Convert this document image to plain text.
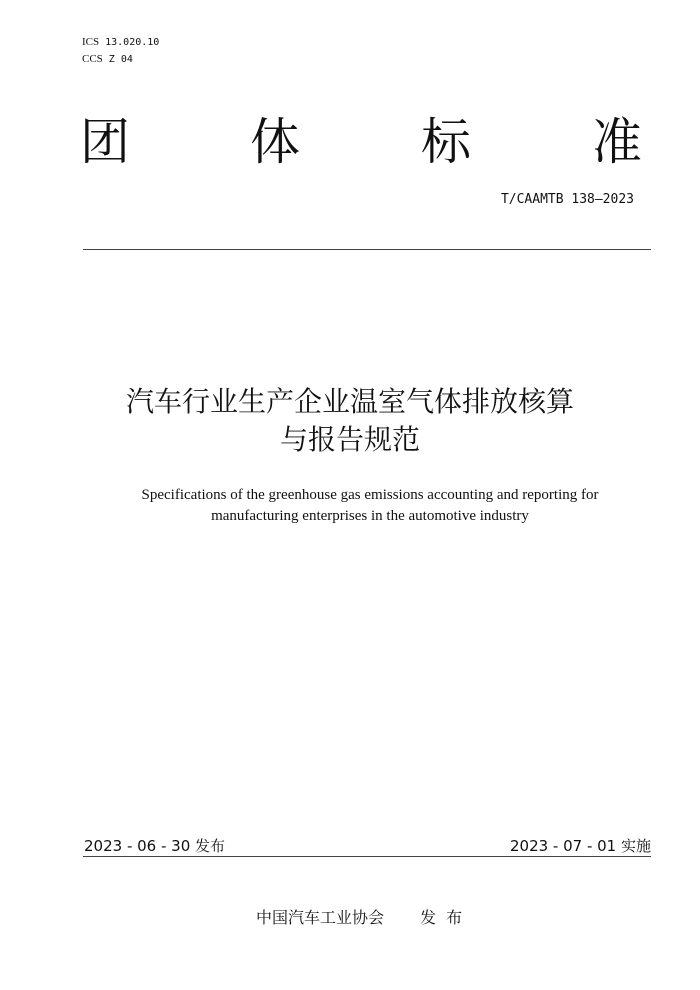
ICS 13.020.10
CCS Z 04
团 体 标 准
T/CAAMTB 138—2023
汽车行业生产企业温室气体排放核算
与报告规范
Specifications of the greenhouse gas emissions accounting and reporting for
manufacturing enterprises in the automotive industry
2023 - 06 - 30 发布	2023 - 07 - 01 实施
中国汽车工业协会 发  布
